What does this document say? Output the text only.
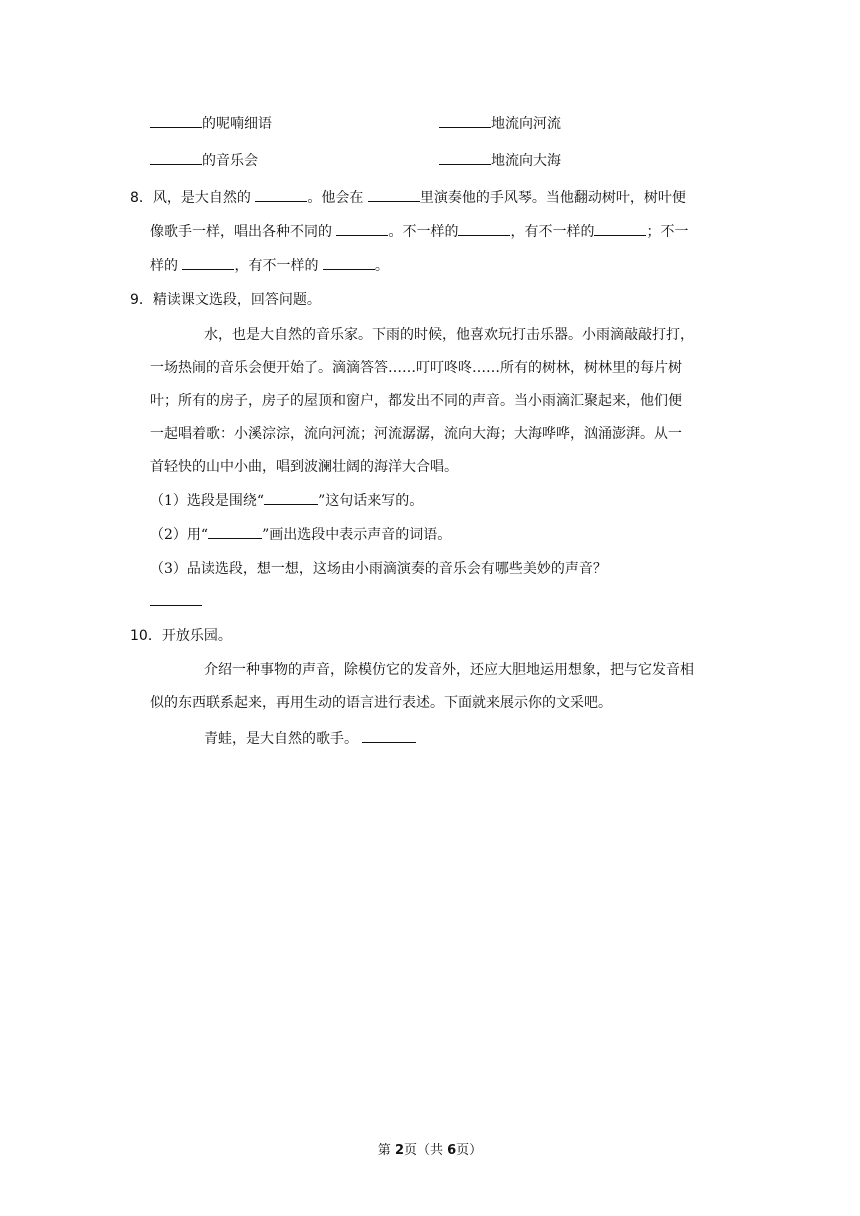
的呢喃细语	地流向河流
的音乐会	地流向大海
8．风，是大自然的	。他会在	里演奏他的手风琴。当他翻动树叶，树叶便
像歌手一样，唱出各种不同的	。不一样的	，有不一样的	；不一
样的	，有不一样的	。
9．精读课文选段，回答问题。
水，也是大自然的音乐家。下雨的时候，他喜欢玩打击乐器。小雨滴敲敲打打，
一场热闹的音乐会便开始了。滴滴答答……叮叮咚咚……所有的树林，树林里的每片树
叶；所有的房子，房子的屋顶和窗户，都发出不同的声音。当小雨滴汇聚起来，他们便
一起唱着歌：小溪淙淙，流向河流；河流潺潺，流向大海；大海哗哗，汹涌澎湃。从一
首轻快的山中小曲，唱到波澜壮阔的海洋大合唱。
（1）选段是围绕“	”这句话来写的。
（2）用“	”画出选段中表示声音的词语。
（3）品读选段，想一想，这场由小雨滴演奏的音乐会有哪些美妙的声音？
10．开放乐园。
介绍一种事物的声音，除模仿它的发音外，还应大胆地运用想象，把与它发音相
似的东西联系起来，再用生动的语言进行表述。下面就来展示你的文采吧。
青蛙，是大自然的歌手。
第 2页（共 6页）
